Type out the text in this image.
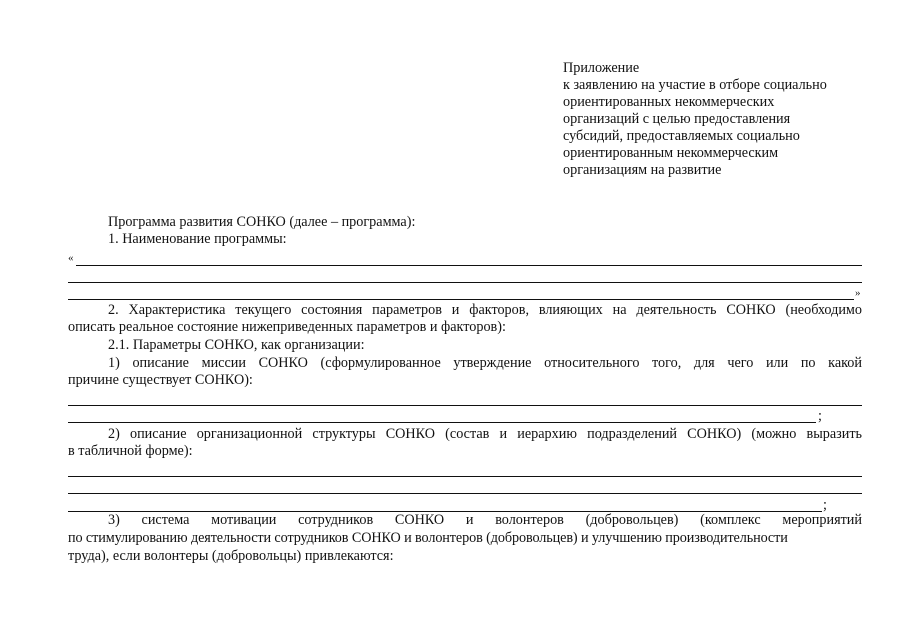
Приложение
к заявлению на участие в отборе социально
ориентированных некоммерческих
организаций с целью предоставления
субсидий, предоставляемых социально
ориентированным некоммерческим
организациям на развитие
Программа развития СОНКО (далее – программа):
1. Наименование программы:
«
»
2. Характеристика текущего состояния параметров и факторов, влияющих на деятельность СОНКО (необходимо
описать реальное состояние нижеприведенных параметров и факторов):
2.1. Параметры СОНКО, как организации:
1) описание миссии СОНКО (сформулированное утверждение относительного того, для чего или по какой
причине существует СОНКО):
;
2) описание организационной структуры СОНКО (состав и иерархию подразделений СОНКО) (можно выразить
в табличной форме):
;
3) система мотивации сотрудников СОНКО и волонтеров (добровольцев) (комплекс мероприятий
по стимулированию деятельности сотрудников СОНКО и волонтеров (добровольцев) и улучшению производительности
труда), если волонтеры (добровольцы) привлекаются:
